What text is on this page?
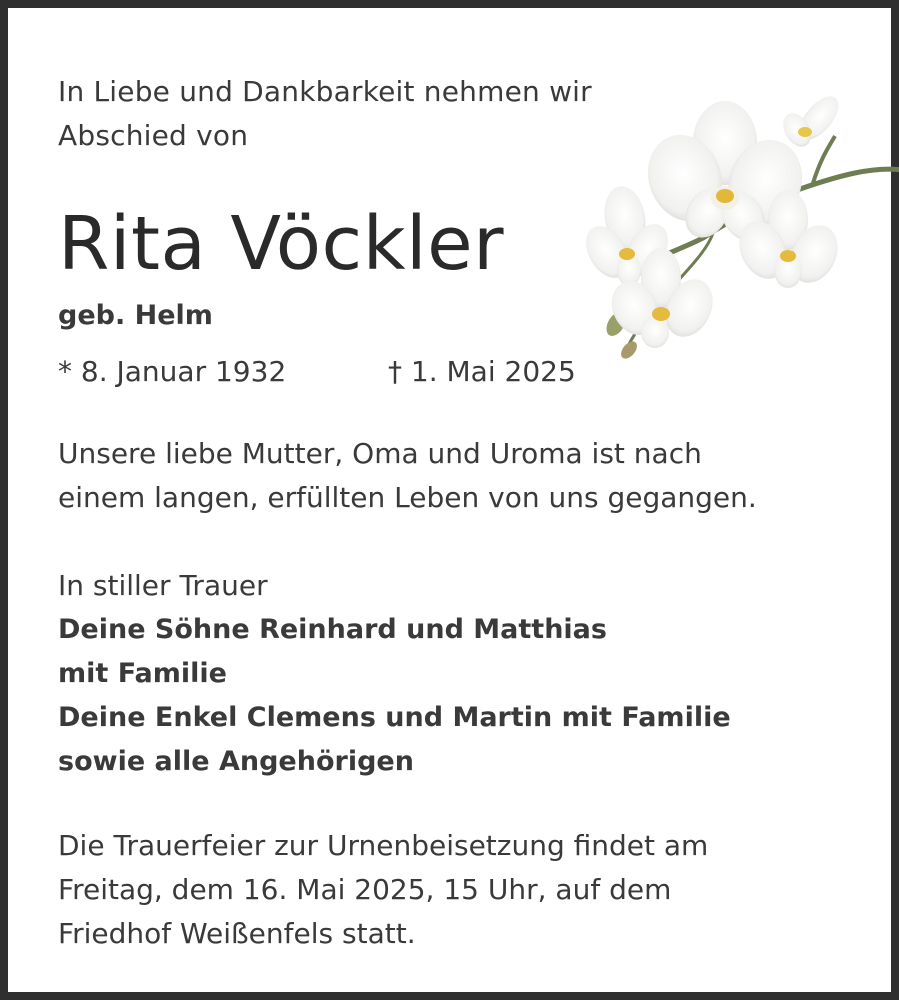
In Liebe und Dankbarkeit nehmen wir
Abschied von
Rita Vöckler
geb. Helm
* 8. Januar 1932	† 1. Mai 2025
Unsere liebe Mutter, Oma und Uroma ist nach
einem langen, erfüllten Leben von uns gegangen.
In stiller Trauer
Deine Söhne Reinhard und Matthias
mit Familie
Deine Enkel Clemens und Martin mit Familie
sowie alle Angehörigen
Die Trauerfeier zur Urnenbeisetzung findet am
Freitag, dem 16. Mai 2025, 15 Uhr, auf dem
Friedhof Weißenfels statt.
